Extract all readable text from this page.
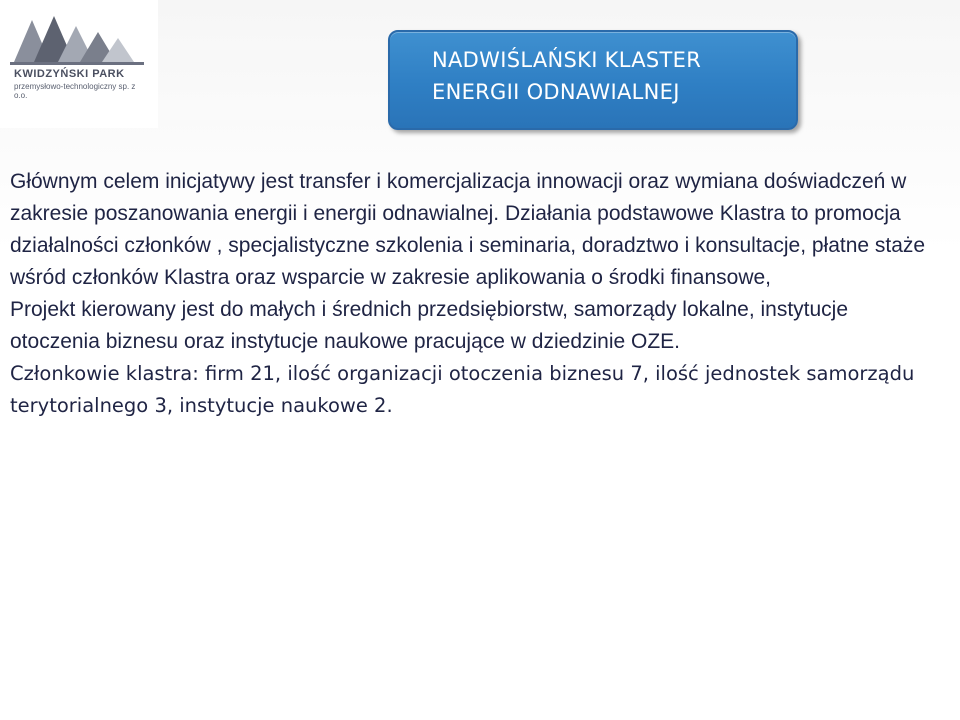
KWIDZYŃSKI PARK
przemysłowo-technologiczny sp. z o.o.
NADWIŚLAŃSKI KLASTER
ENERGII ODNAWIALNEJ

Głównym celem inicjatywy jest transfer i komercjalizacja innowacji oraz wymiana doświadczeń w zakresie poszanowania energii i energii odnawialnej. Działania podstawowe Klastra to promocja działalności członków , specjalistyczne szkolenia i seminaria, doradztwo i konsultacje, płatne staże wśród członków Klastra oraz wsparcie w zakresie aplikowania o środki finansowe,

Projekt kierowany jest do małych i średnich przedsiębiorstw, samorządy lokalne, instytucje otoczenia biznesu oraz instytucje naukowe pracujące w dziedzinie OZE.

Członkowie klastra: firm 21, ilość organizacji otoczenia biznesu 7, ilość jednostek samorządu terytorialnego 3, instytucje naukowe 2.
